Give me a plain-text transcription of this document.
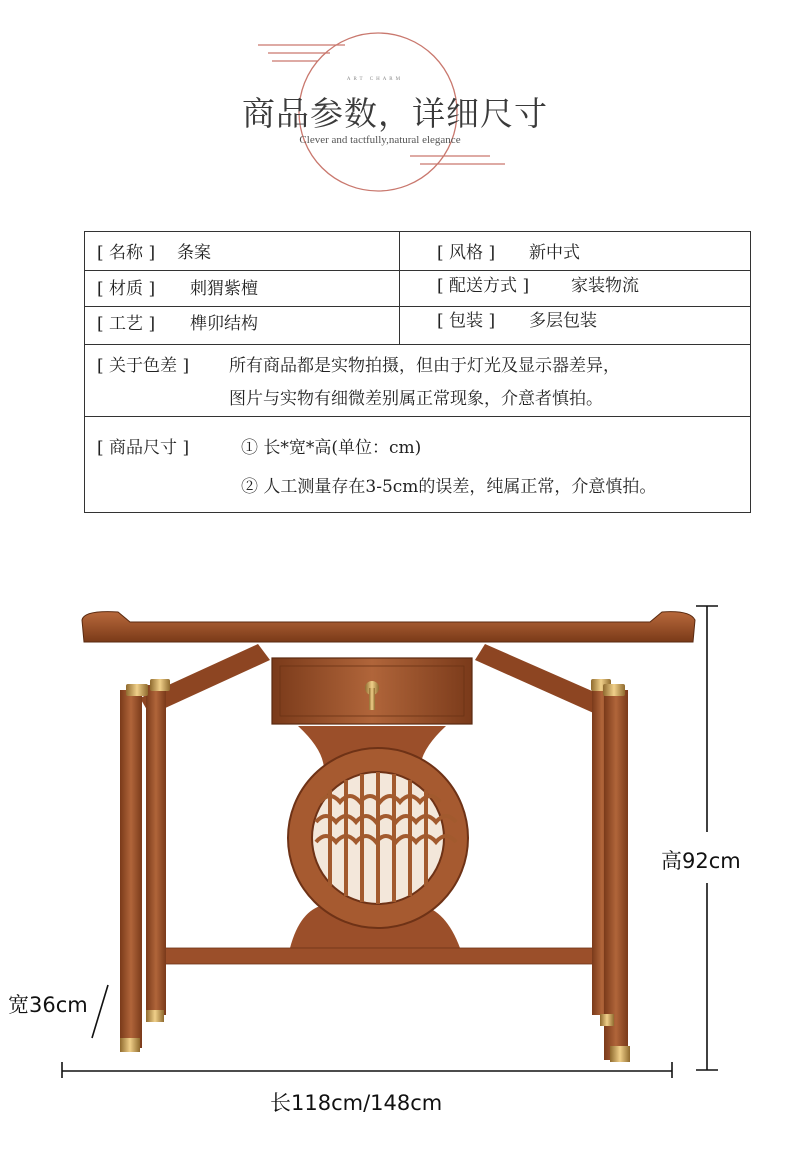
ART CHARM
商品参数，详细尺寸
Clever and tactfully,natural elegance
[ 名称 ] 条案	[ 风格 ] 新中式
[ 材质 ] 刺猬紫檀	[ 配送方式 ] 家装物流
[ 工艺 ] 榫卯结构	[ 包装 ] 多层包装
[ 关于色差 ] 所有商品都是实物拍摄，但由于灯光及显示器差异，
图片与实物有细微差别属正常现象，介意者慎拍。
[ 商品尺寸 ]	① 长*宽*高(单位：cm)
② 人工测量存在3-5cm的误差，纯属正常，介意慎拍。
高92cm
宽36cm
长118cm/148cm
